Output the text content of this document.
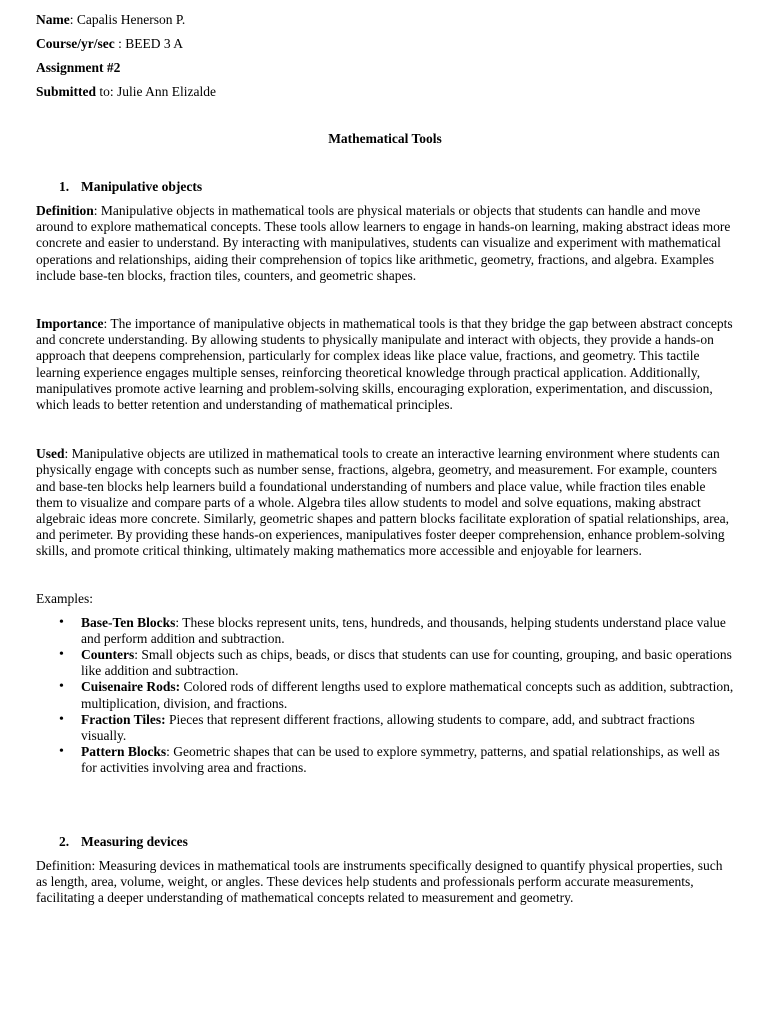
Name: Capalis Henerson P.
Course/yr/sec : BEED 3 A
Assignment #2
Submitted to: Julie Ann Elizalde
Mathematical Tools
1. Manipulative objects

Definition: Manipulative objects in mathematical tools are physical materials or objects that students can handle and move around to explore mathematical concepts. These tools allow learners to engage in hands-on learning, making abstract ideas more concrete and easier to understand. By interacting with manipulatives, students can visualize and experiment with mathematical operations and relationships, aiding their comprehension of topics like arithmetic, geometry, fractions, and algebra. Examples include base-ten blocks, fraction tiles, counters, and geometric shapes.

Importance: The importance of manipulative objects in mathematical tools is that they bridge the gap between abstract concepts and concrete understanding. By allowing students to physically manipulate and interact with objects, they provide a hands-on approach that deepens comprehension, particularly for complex ideas like place value, fractions, and geometry. This tactile learning experience engages multiple senses, reinforcing theoretical knowledge through practical application. Additionally, manipulatives promote active learning and problem-solving skills, encouraging exploration, experimentation, and discussion, which leads to better retention and understanding of mathematical principles.

Used: Manipulative objects are utilized in mathematical tools to create an interactive learning environment where students can physically engage with concepts such as number sense, fractions, algebra, geometry, and measurement. For example, counters and base-ten blocks help learners build a foundational understanding of numbers and place value, while fraction tiles enable them to visualize and compare parts of a whole. Algebra tiles allow students to model and solve equations, making abstract algebraic ideas more concrete. Similarly, geometric shapes and pattern blocks facilitate exploration of spatial relationships, area, and perimeter. By providing these hands-on experiences, manipulatives foster deeper comprehension, enhance problem-solving skills, and promote critical thinking, ultimately making mathematics more accessible and enjoyable for learners.

Examples:
• Base-Ten Blocks: These blocks represent units, tens, hundreds, and thousands, helping students understand place value and perform addition and subtraction.
• Counters: Small objects such as chips, beads, or discs that students can use for counting, grouping, and basic operations like addition and subtraction.
• Cuisenaire Rods: Colored rods of different lengths used to explore mathematical concepts such as addition, subtraction, multiplication, division, and fractions.
• Fraction Tiles: Pieces that represent different fractions, allowing students to compare, add, and subtract fractions visually.
• Pattern Blocks: Geometric shapes that can be used to explore symmetry, patterns, and spatial relationships, as well as for activities involving area and fractions.
2. Measuring devices

Definition: Measuring devices in mathematical tools are instruments specifically designed to quantify physical properties, such as length, area, volume, weight, or angles. These devices help students and professionals perform accurate measurements, facilitating a deeper understanding of mathematical concepts related to measurement and geometry.
